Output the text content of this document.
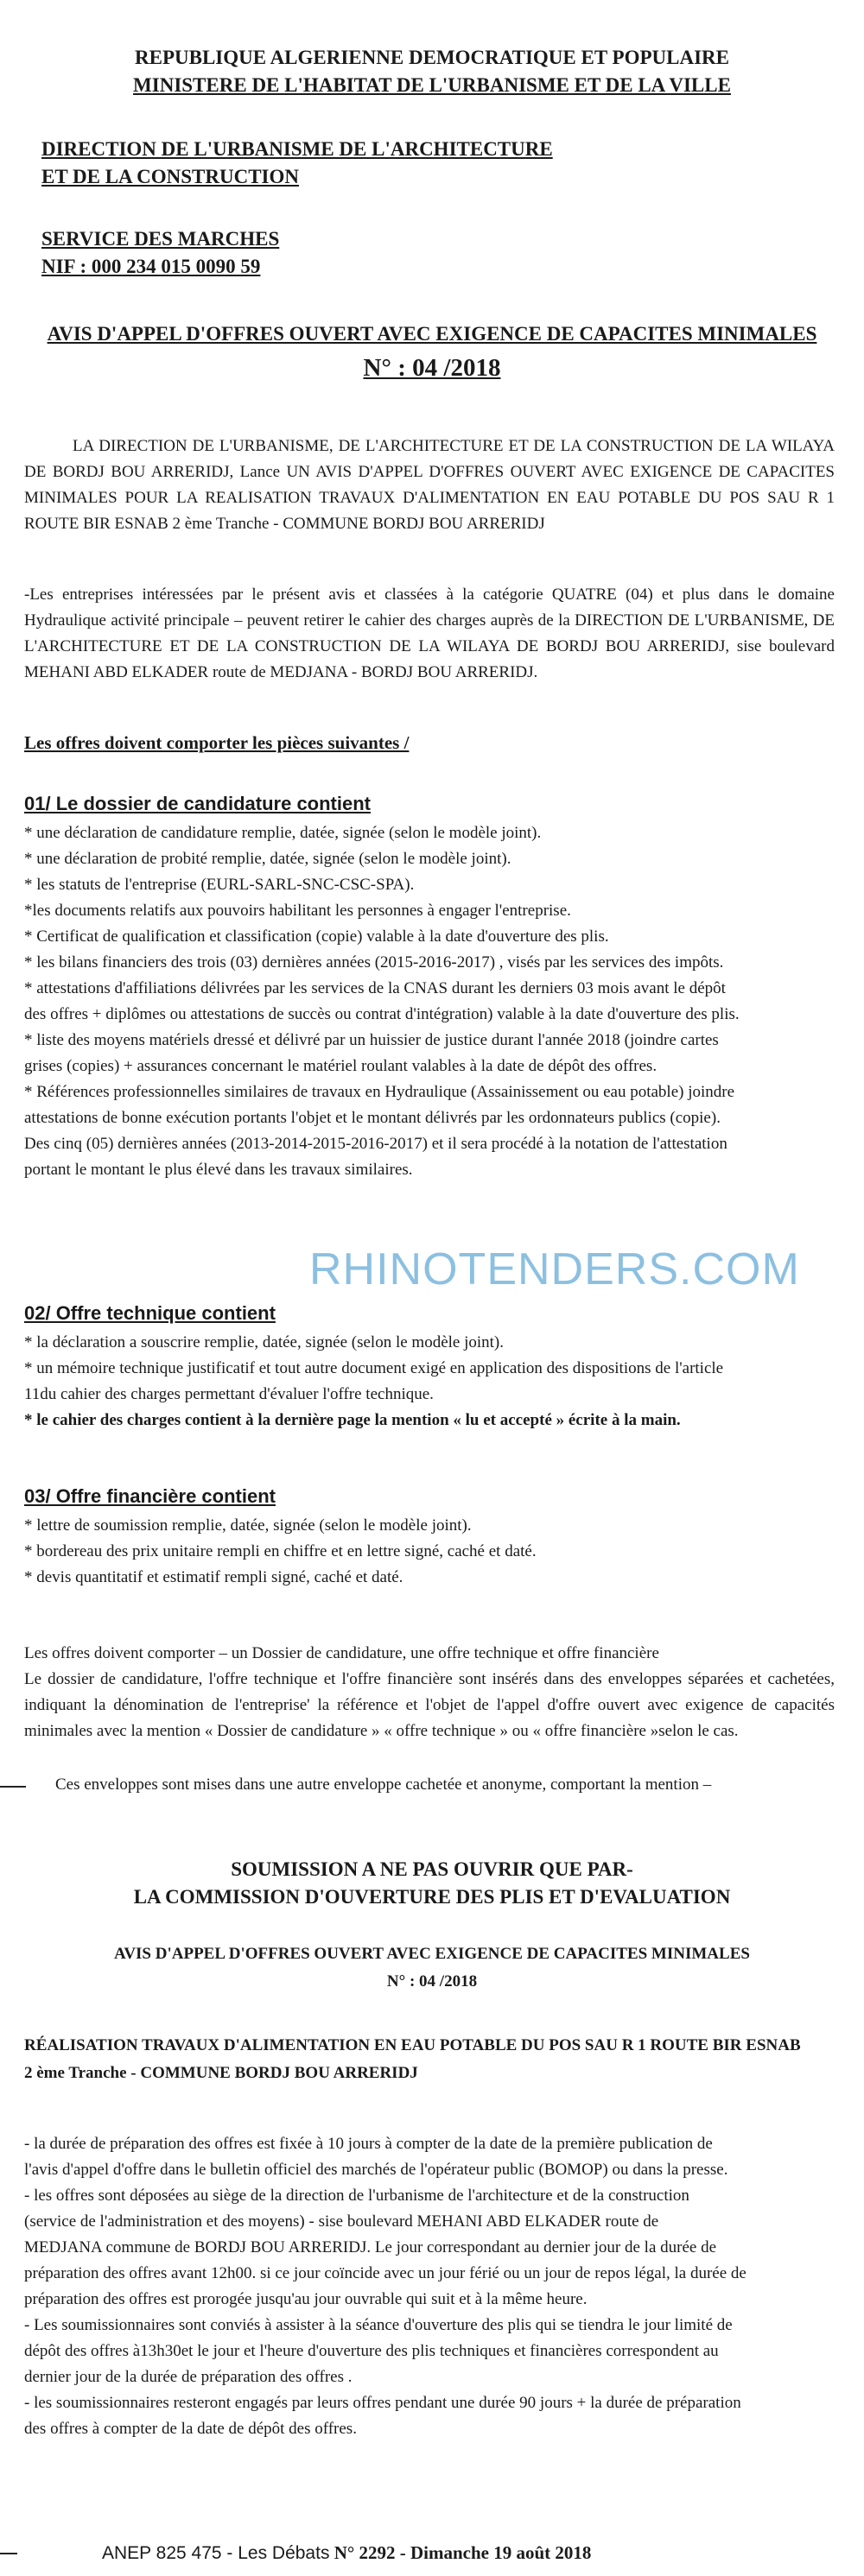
REPUBLIQUE ALGERIENNE DEMOCRATIQUE ET POPULAIRE
MINISTERE DE L'HABITAT DE L'URBANISME ET DE LA VILLE
DIRECTION DE L'URBANISME DE L'ARCHITECTURE
ET DE LA CONSTRUCTION
SERVICE DES MARCHES
NIF : 000 234 015 0090 59
AVIS D'APPEL D'OFFRES OUVERT AVEC EXIGENCE DE CAPACITES MINIMALES
N° : 04 /2018
LA DIRECTION DE L'URBANISME, DE L'ARCHITECTURE ET DE LA CONSTRUCTION DE LA WILAYA DE BORDJ BOU ARRERIDJ, Lance UN AVIS D'APPEL D'OFFRES OUVERT AVEC EXIGENCE DE CAPACITES MINIMALES POUR LA REALISATION TRAVAUX D'ALIMENTATION EN EAU POTABLE DU POS SAU R 1 ROUTE BIR ESNAB 2 ème Tranche - COMMUNE BORDJ BOU ARRERIDJ
-Les entreprises intéressées par le présent avis et classées à la catégorie QUATRE (04) et plus dans le domaine Hydraulique activité principale – peuvent retirer le cahier des charges auprès de la DIRECTION DE L'URBANISME, DE L'ARCHITECTURE ET DE LA CONSTRUCTION DE LA WILAYA DE BORDJ BOU ARRERIDJ, sise boulevard MEHANI ABD ELKADER route de MEDJANA - BORDJ BOU ARRERIDJ.
Les offres doivent comporter les pièces suivantes /
01/ Le dossier de candidature contient
* une déclaration de candidature remplie, datée, signée (selon le modèle joint).
* une déclaration de probité remplie, datée, signée (selon le modèle joint).
* les statuts de l'entreprise (EURL-SARL-SNC-CSC-SPA).
*les documents relatifs aux pouvoirs habilitant les personnes à engager l'entreprise.
* Certificat de qualification et classification (copie) valable à la date d'ouverture des plis.
* les bilans financiers des trois (03) dernières années (2015-2016-2017) , visés par les services des impôts.
* attestations d'affiliations délivrées par les services de la CNAS durant les derniers 03 mois avant le dépôt
des offres + diplômes ou attestations de succès ou contrat d'intégration) valable à la date d'ouverture des plis.
* liste des moyens matériels dressé et délivré par un huissier de justice durant l'année 2018 (joindre cartes
grises (copies) + assurances concernant le matériel roulant valables à la date de dépôt des offres.
* Références professionnelles similaires de travaux en Hydraulique (Assainissement ou eau potable) joindre
attestations de bonne exécution portants l'objet et le montant délivrés par les ordonnateurs publics (copie).
Des cinq (05) dernières années (2013-2014-2015-2016-2017) et il sera procédé à la notation de l'attestation
portant le montant le plus élevé dans les travaux similaires.
RHINOTENDERS.COM
02/ Offre technique contient
* la déclaration a souscrire remplie, datée, signée (selon le modèle joint).
* un mémoire technique justificatif et tout autre document exigé en application des dispositions de l'article
11du cahier des charges permettant d'évaluer l'offre technique.
* le cahier des charges contient à la dernière page la mention « lu et accepté » écrite à la main.
03/ Offre financière contient
* lettre de soumission remplie, datée, signée (selon le modèle joint).
* bordereau des prix unitaire rempli en chiffre et en lettre signé, caché et daté.
* devis quantitatif et estimatif rempli signé, caché et daté.
Les offres doivent comporter – un Dossier de candidature, une offre technique et offre financière
Le dossier de candidature, l'offre technique et l'offre financière sont insérés dans des enveloppes séparées et cachetées, indiquant la dénomination de l'entreprise' la référence et l'objet de l'appel d'offre ouvert avec exigence de capacités minimales avec la mention « Dossier de candidature » « offre technique » ou « offre financière »selon le cas.
Ces enveloppes sont mises dans une autre enveloppe cachetée et anonyme, comportant la mention –
SOUMISSION A NE PAS OUVRIR QUE PAR-
LA COMMISSION D'OUVERTURE DES PLIS ET D'EVALUATION
AVIS D'APPEL D'OFFRES OUVERT AVEC EXIGENCE DE CAPACITES MINIMALES
N° : 04 /2018
RÉALISATION TRAVAUX D'ALIMENTATION EN EAU POTABLE DU POS SAU R 1 ROUTE BIR ESNAB
2 ème Tranche - COMMUNE BORDJ BOU ARRERIDJ
- la durée de préparation des offres est fixée à 10 jours à compter de la date de la première publication de
l'avis d'appel d'offre dans le bulletin officiel des marchés de l'opérateur public (BOMOP) ou dans la presse.
- les offres sont déposées au siège de la direction de l'urbanisme de l'architecture et de la construction
(service de l'administration et des moyens) - sise boulevard MEHANI ABD ELKADER route de
MEDJANA commune de BORDJ BOU ARRERIDJ. Le jour correspondant au dernier jour de la durée de
préparation des offres avant 12h00. si ce jour coïncide avec un jour férié ou un jour de repos légal, la durée de
préparation des offres est prorogée jusqu'au jour ouvrable qui suit et à la même heure.
- Les soumissionnaires sont conviés à assister à la séance d'ouverture des plis qui se tiendra le jour limité de
dépôt des offres à13h30et le jour et l'heure d'ouverture des plis techniques et financières correspondent au
dernier jour de la durée de préparation des offres .
- les soumissionnaires resteront engagés par leurs offres pendant une durée 90 jours + la durée de préparation
des offres à compter de la date de dépôt des offres.
ANEP 825 475 - Les Débats N° 2292 - Dimanche 19 août 2018
